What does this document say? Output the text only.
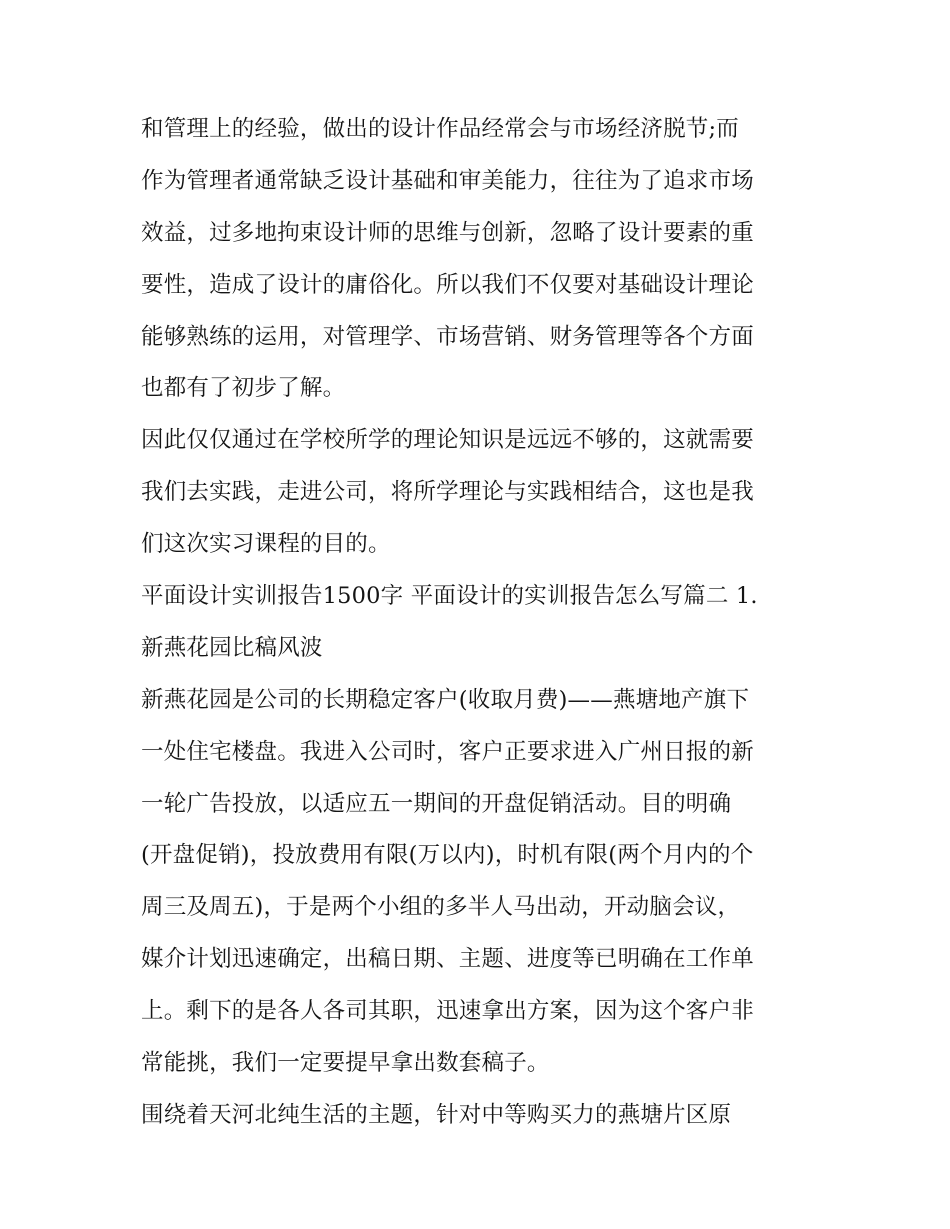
和管理上的经验，做出的设计作品经常会与市场经济脱节;而
作为管理者通常缺乏设计基础和审美能力，往往为了追求市场
效益，过多地拘束设计师的思维与创新，忽略了设计要素的重
要性，造成了设计的庸俗化。所以我们不仅要对基础设计理论
能够熟练的运用，对管理学、市场营销、财务管理等各个方面
也都有了初步了解。
因此仅仅通过在学校所学的理论知识是远远不够的，这就需要
我们去实践，走进公司，将所学理论与实践相结合，这也是我
们这次实习课程的目的。
平面设计实训报告1500字 平面设计的实训报告怎么写篇二 1.
新燕花园比稿风波
新燕花园是公司的长期稳定客户(收取月费)——燕塘地产旗下
一处住宅楼盘。我进入公司时，客户正要求进入广州日报的新
一轮广告投放，以适应五一期间的开盘促销活动。目的明确
(开盘促销)，投放费用有限(万以内)，时机有限(两个月内的个
周三及周五)，于是两个小组的多半人马出动，开动脑会议，
媒介计划迅速确定，出稿日期、主题、进度等已明确在工作单
上。剩下的是各人各司其职，迅速拿出方案，因为这个客户非
常能挑，我们一定要提早拿出数套稿子。
围绕着天河北纯生活的主题，针对中等购买力的燕塘片区原
